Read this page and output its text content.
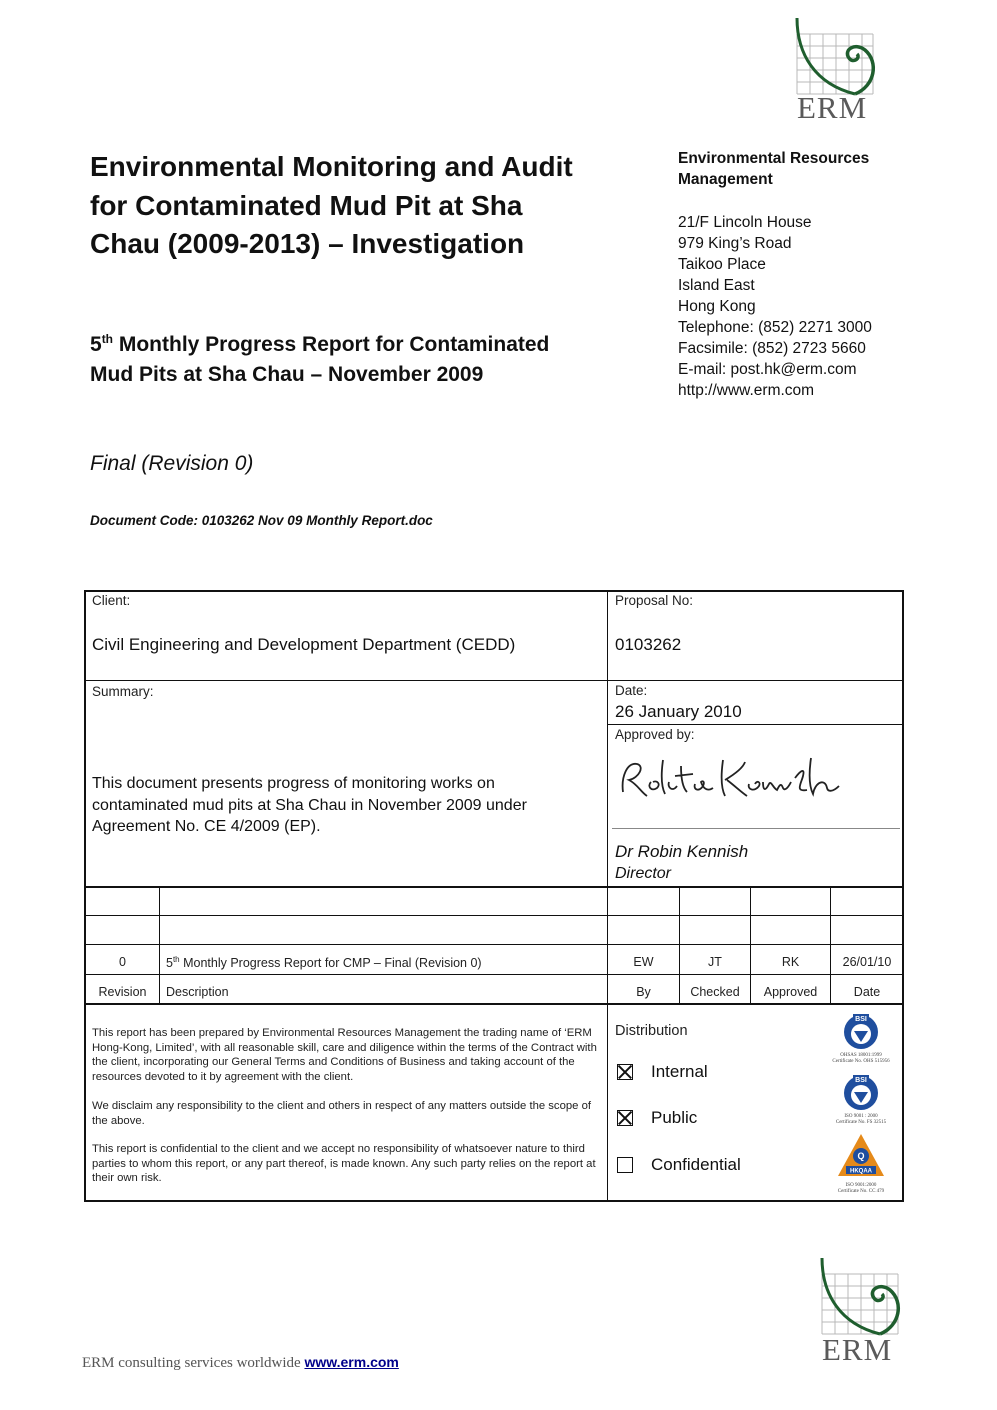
ERM
Environmental Monitoring and Audit for Contaminated Mud Pit at Sha Chau (2009-2013) – Investigation
5th Monthly Progress Report for Contaminated Mud Pits at Sha Chau – November 2009
Final (Revision 0)
Document Code: 0103262 Nov 09 Monthly Report.doc
Environmental Resources
Management
21/F Lincoln House
979 King’s Road
Taikoo Place
Island East
Hong Kong
Telephone: (852) 2271 3000
Facsimile: (852) 2723 5660
E-mail: post.hk@erm.com
http://www.erm.com
Client:
Civil Engineering and Development Department (CEDD)
Proposal No:
0103262
Summary:
This document presents progress of monitoring works on contaminated mud pits at Sha Chau in November 2009 under Agreement No. CE 4/2009 (EP).
Date:
26 January 2010
Approved by:
Dr Robin Kennish
Director
0	5th Monthly Progress Report for CMP – Final (Revision 0)	EW	JT	RK	26/01/10
Revision	Description	By	Checked	Approved	Date
This report has been prepared by Environmental Resources Management the trading name of ‘ERM Hong-Kong, Limited’, with all reasonable skill, care and diligence within the terms of the Contract with the client, incorporating our General Terms and Conditions of Business and taking account of the resources devoted to it by agreement with the client.
We disclaim any responsibility to the client and others in respect of any matters outside the scope of the above.
This report is confidential to the client and we accept no responsibility of whatsoever nature to third parties to whom this report, or any part thereof, is made known. Any such party relies on the report at their own risk.
Distribution
Internal
Public
Confidential
BSI
OHSAS 18001:1999
Certificate No. OHS 515956
BSI
ISO 9001 : 2000
Certificate No. FS 32515
Q
HKQAA
ISO 9001:2000
Certificate No. CC 479
ERM
ERM consulting services worldwide www.erm.com
